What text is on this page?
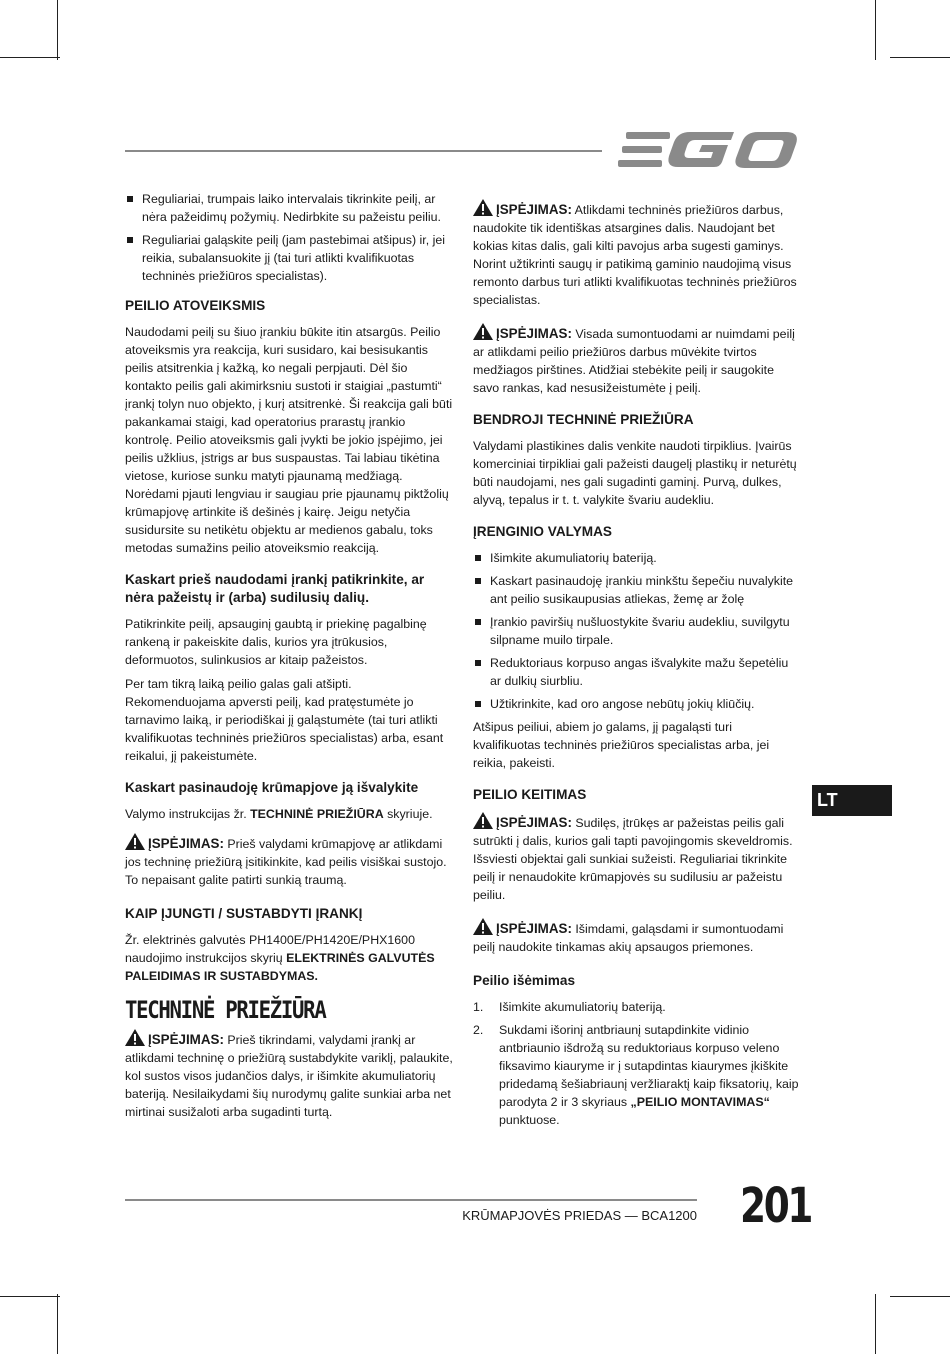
Reguliariai, trumpais laiko intervalais tikrinkite peilį, ar nėra pažeidimų požymių. Nedirbkite su pažeistu peiliu.
Reguliariai galąskite peilį (jam pastebimai atšipus) ir, jei reikia, subalansuokite jį (tai turi atlikti kvalifikuotas techninės priežiūros specialistas).
PEILIO ATOVEIKSMIS

Naudodami peilį su šiuo įrankiu būkite itin atsargūs. Peilio atoveiksmis yra reakcija, kuri susidaro, kai besisukantis peilis atsitrenkia į kažką, ko negali perpjauti. Dėl šio kontakto peilis gali akimirksniu sustoti ir staigiai „pastumti“ įrankį tolyn nuo objekto, į kurį atsitrenkė. Ši reakcija gali būti pakankamai staigi, kad operatorius prarastų įrankio kontrolę. Peilio atoveiksmis gali įvykti be jokio įspėjimo, jei peilis užklius, įstrigs ar bus suspaustas. Tai labiau tikėtina vietose, kuriose sunku matyti pjaunamą medžiagą. Norėdami pjauti lengviau ir saugiau prie pjaunamų piktžolių krūmapjovę artinkite iš dešinės į kairę. Jeigu netyčia susidursite su netikėtu objektu ar medienos gabalu, toks metodas sumažins peilio atoveiksmio reakciją.

Kaskart prieš naudodami įrankį patikrinkite, ar nėra pažeistų ir (arba) sudilusių dalių.

Patikrinkite peilį, apsauginį gaubtą ir priekinę pagalbinę rankeną ir pakeiskite dalis, kurios yra įtrūkusios, deformuotos, sulinkusios ar kitaip pažeistos.

Per tam tikrą laiką peilio galas gali atšipti. Rekomenduojama apversti peilį, kad pratęstumėte jo tarnavimo laiką, ir periodiškai jį galąstumėte (tai turi atlikti kvalifikuotas techninės priežiūros specialistas) arba, esant reikalui, jį pakeistumėte.

Kaskart pasinaudoję krūmapjove ją išvalykite

Valymo instrukcijas žr. TECHNINĖ PRIEŽIŪRA skyriuje.

ĮSPĖJIMAS: Prieš valydami krūmapjovę ar atlikdami jos techninę priežiūrą įsitikinkite, kad peilis visiškai sustojo. To nepaisant galite patirti sunkią traumą.
KAIP ĮJUNGTI / SUSTABDYTI ĮRANKĮ

Žr. elektrinės galvutės PH1400E/PH1420E/PHX1600 naudojimo instrukcijos skyrių ELEKTRINĖS GALVUTĖS PALEIDIMAS IR SUSTABDYMAS.

TECHNINĖ PRIEŽIŪRA
ĮSPĖJIMAS: Prieš tikrindami, valydami įrankį ar atlikdami techninę o priežiūrą sustabdykite variklį, palaukite, kol sustos visos judančios dalys, ir išimkite akumuliatorių bateriją. Nesilaikydami šių nurodymų galite sunkiai arba net mirtinai susižaloti arba sugadinti turtą.
ĮSPĖJIMAS: Atlikdami techninės priežiūros darbus, naudokite tik identiškas atsargines dalis. Naudojant bet kokias kitas dalis, gali kilti pavojus arba sugesti gaminys. Norint užtikrinti saugų ir patikimą gaminio naudojimą visus remonto darbus turi atlikti kvalifikuotas techninės priežiūros specialistas.
ĮSPĖJIMAS: Visada sumontuodami ar nuimdami peilį ar atlikdami peilio priežiūros darbus mūvėkite tvirtos medžiagos pirštines. Atidžiai stebėkite peilį ir saugokite savo rankas, kad nesusižeistumėte į peilį.
BENDROJI TECHNINĖ PRIEŽIŪRA

Valydami plastikines dalis venkite naudoti tirpiklius. Įvairūs komerciniai tirpikliai gali pažeisti daugelį plastikų ir neturėtų būti naudojami, nes gali sugadinti gaminį. Purvą, dulkes, alyvą, tepalus ir t. t. valykite švariu audekliu.

ĮRENGINIO VALYMAS
Išimkite akumuliatorių bateriją.
Kaskart pasinaudoję įrankiu minkštu šepečiu nuvalykite ant peilio susikaupusias atliekas, žemę ar žolę
Įrankio paviršių nušluostykite švariu audekliu, suvilgytu silpname muilo tirpale.
Reduktoriaus korpuso angas išvalykite mažu šepetėliu ar dulkių siurbliu.
Užtikrinkite, kad oro angose nebūtų jokių kliūčių.

Atšipus peiliui, abiem jo galams, jį pagaląsti turi kvalifikuotas techninės priežiūros specialistas arba, jei reikia, pakeisti.

PEILIO KEITIMAS
ĮSPĖJIMAS: Sudilęs, įtrūkęs ar pažeistas peilis gali sutrūkti į dalis, kurios gali tapti pavojingomis skeveldromis. Išsviesti objektai gali sunkiai sužeisti. Reguliariai tikrinkite peilį ir nenaudokite krūmapjovės su sudilusiu ar pažeistu peiliu.
ĮSPĖJIMAS: Išimdami, galąsdami ir sumontuodami peilį naudokite tinkamas akių apsaugos priemones.
Peilio išėmimas
1. Išimkite akumuliatorių bateriją.
2. Sukdami išorinį antbriaunį sutapdinkite vidinio antbriaunio išdrožą su reduktoriaus korpuso veleno fiksavimo kiauryme ir į sutapdintas kiaurymes įkiškite pridedamą šešiabriaunį veržliaraktį kaip fiksatorių, kaip parodyta 2 ir 3 skyriaus „PEILIO MONTAVIMAS“ punktuose.
LT
KRŪMAPJOVĖS PRIEDAS — BCA1200 201
